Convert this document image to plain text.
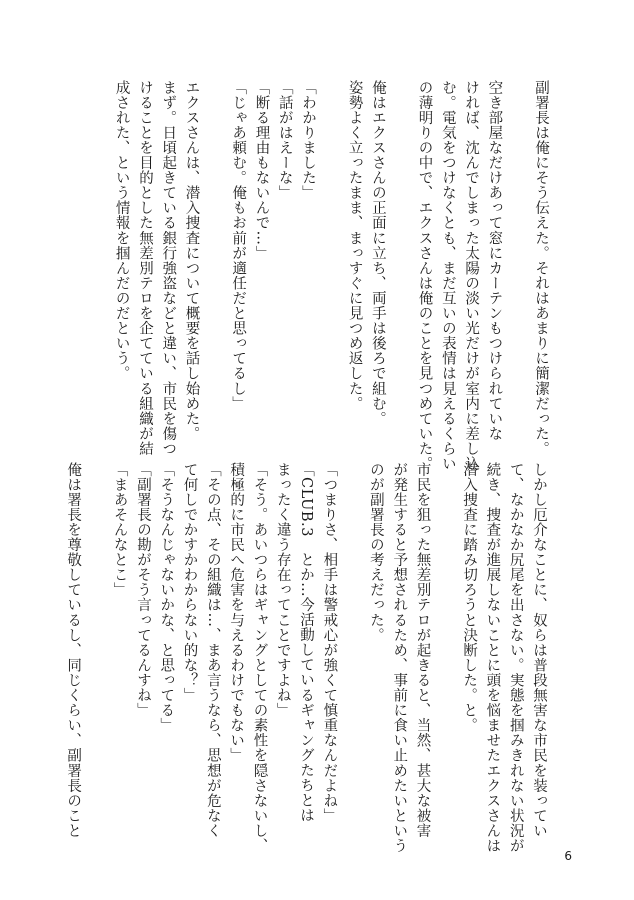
副署長は俺にそう伝えた。それはあまりに簡潔だった。
空き部屋なだけあって窓にカーテンもつけられていな
ければ、沈んでしまった太陽の淡い光だけが室内に差し込
む。電気をつけなくとも、まだ互いの表情は見えるくらい
の薄明りの中で、エクスさんは俺のことを見つめていた。
俺はエクスさんの正面に立ち、両手は後ろで組む。
姿勢よく立ったまま、まっすぐに見つめ返した。
「わかりました」
「話がはえーな」
「断る理由もないんで…」
「じゃあ頼む。俺もお前が適任だと思ってるし」
エクスさんは、潜入捜査について概要を話し始めた。
まず。日頃起きている銀行強盗などと違い、市民を傷つ
けることを目的とした無差別テロを企てている組織が結
成された、という情報を掴んだのだという。
しかし厄介なことに、奴らは普段無害な市民を装ってい
て、なかなか尻尾を出さない。実態を掴みきれない状況が
続き、捜査が進展しないことに頭を悩ませたエクスさんは
潜入捜査に踏み切ろうと決断した。と。
市民を狙った無差別テロが起きると、当然、甚大な被害
が発生すると予想されるため、事前に食い止めたいという
のが副署長の考えだった。
「つまりさ、相手は警戒心が強くて慎重なんだよね」
「CLUB.3　とか…今活動しているギャングたちとは
まったく違う存在ってことですよね」
「そう。あいつらはギャングとしての素性を隠さないし、
積極的に市民へ危害を与えるわけでもない」
「その点、その組織は…、まあ言うなら、思想が危なく
て何しでかすかわからない的な？」
「そうなんじゃないかな、と思ってる」
「副署長の勘がそう言ってるんすね」
「まあそんなとこ」
俺は署長を尊敬しているし、同じくらい、副署長のこと
6
